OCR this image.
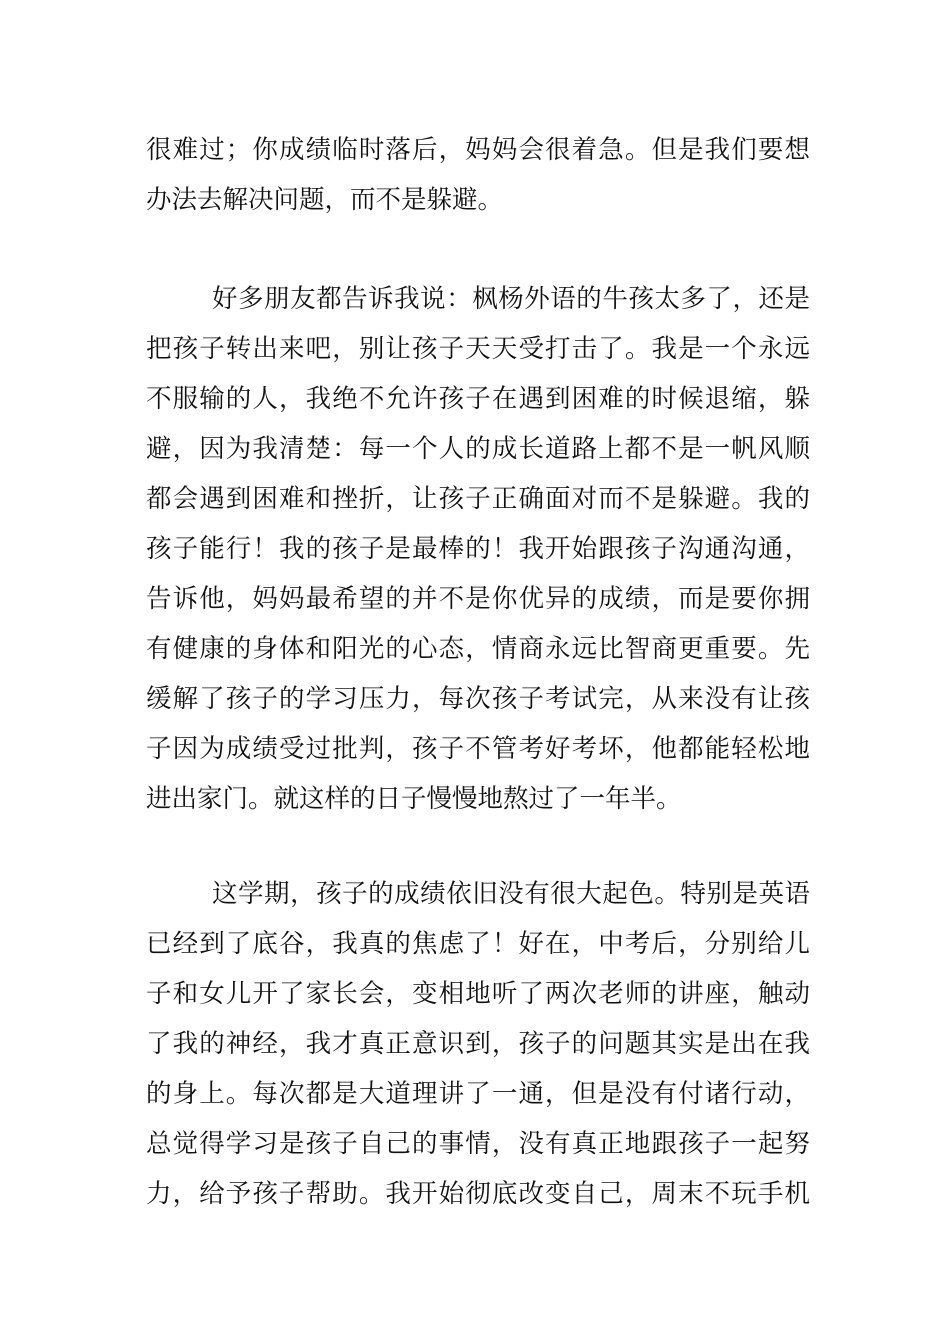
很难过；你成绩临时落后，妈妈会很着急。但是我们要想
办法去解决问题，而不是躲避。
好多朋友都告诉我说：枫杨外语的牛孩太多了，还是
把孩子转出来吧，别让孩子天天受打击了。我是一个永远
不服输的人，我绝不允许孩子在遇到困难的时候退缩，躲
避，因为我清楚：每一个人的成长道路上都不是一帆风顺
都会遇到困难和挫折，让孩子正确面对而不是躲避。我的
孩子能行！我的孩子是最棒的！我开始跟孩子沟通沟通，
告诉他，妈妈最希望的并不是你优异的成绩，而是要你拥
有健康的身体和阳光的心态，情商永远比智商更重要。先
缓解了孩子的学习压力，每次孩子考试完，从来没有让孩
子因为成绩受过批判，孩子不管考好考坏，他都能轻松地
进出家门。就这样的日子慢慢地熬过了一年半。
这学期，孩子的成绩依旧没有很大起色。特别是英语
已经到了底谷，我真的焦虑了！好在，中考后，分别给儿
子和女儿开了家长会，变相地听了两次老师的讲座，触动
了我的神经，我才真正意识到，孩子的问题其实是出在我
的身上。每次都是大道理讲了一通，但是没有付诸行动，
总觉得学习是孩子自己的事情，没有真正地跟孩子一起努
力，给予孩子帮助。我开始彻底改变自己，周末不玩手机
